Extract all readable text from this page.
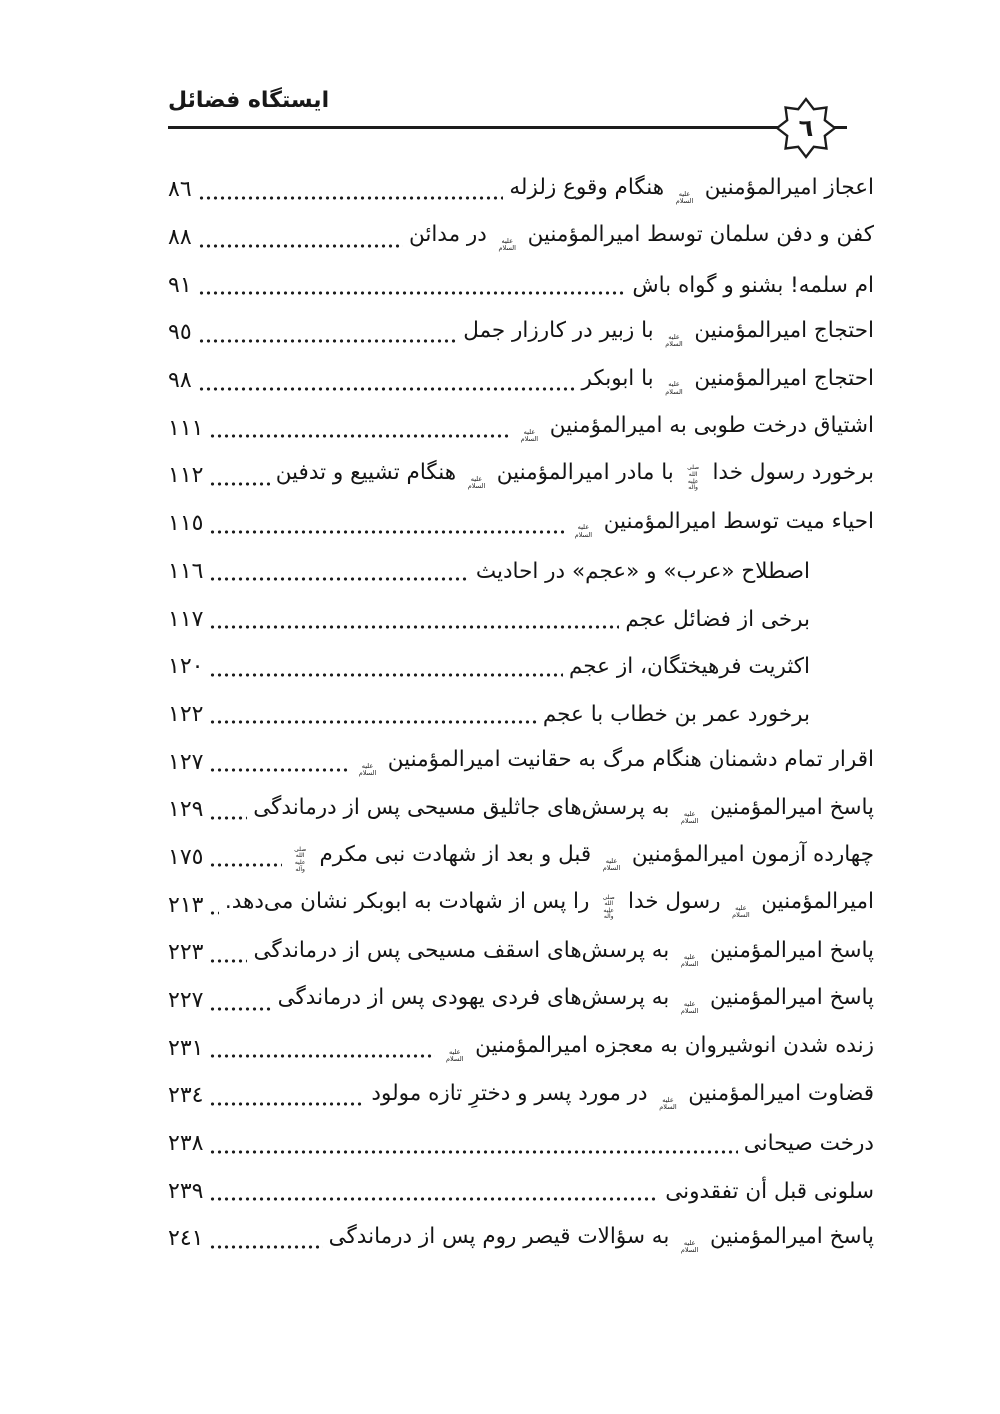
ایستگاه فضائل
٦
اعجاز امیرالمؤمنین علیه السلام هنگام وقوع زلزله
٨٦
کفن و دفن سلمان توسط امیرالمؤمنین علیه السلام در مدائن
٨٨
ام سلمه! بشنو و گواه باش
٩١
احتجاج امیرالمؤمنین علیه السلام با زبیر در کارزار جمل
٩٥
احتجاج امیرالمؤمنین علیه السلام با ابوبکر
٩٨
اشتیاق درخت طوبی به امیرالمؤمنین علیه السلام
١١١
برخورد رسول خدا صلی الله علیه وآله با مادر امیرالمؤمنین علیه السلام هنگام تشییع و تدفین
١١٢
احیاء میت توسط امیرالمؤمنین علیه السلام
١١٥
اصطلاح «عرب» و «عجم» در احادیث
١١٦
برخی از فضائل عجم
١١٧
اکثریت فرهیختگان، از عجم
١٢٠
برخورد عمر بن خطاب با عجم
١٢٢
اقرار تمام دشمنان هنگام مرگ به حقانیت امیرالمؤمنین علیه السلام
١٢٧
پاسخ امیرالمؤمنین علیه السلام به پرسش‌های جاثلیق مسیحی پس از درماندگی
١٢٩
چهارده آزمون امیرالمؤمنین علیه السلام قبل و بعد از شهادت نبی مکرم صلی الله علیه وآله
١٧٥
امیرالمؤمنین علیه السلام رسول خدا صلی الله علیه وآله را پس از شهادت به ابوبکر نشان می‌دهد.
٢١٣
پاسخ امیرالمؤمنین علیه السلام به پرسش‌های اسقف مسیحی پس از درماندگی
٢٢٣
پاسخ امیرالمؤمنین علیه السلام به پرسش‌های فردی یهودی پس از درماندگی
٢٢٧
زنده شدن انوشیروان به معجزه امیرالمؤمنین علیه السلام
٢٣١
قضاوت امیرالمؤمنین علیه السلام در مورد پسر و دخترِ تازه مولود
٢٣٤
درخت صیحانی
٢٣٨
سلونی قبل أن تفقدونی
٢٣٩
پاسخ امیرالمؤمنین علیه السلام به سؤالات قیصر روم پس از درماندگی
٢٤١
